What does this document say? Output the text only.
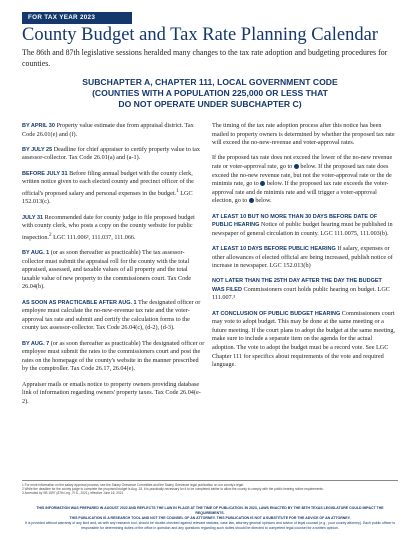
FOR TAX YEAR 2023
County Budget and Tax Rate Planning Calendar
The 86th and 87th legislative sessions heralded many changes to the tax rate adoption and budgeting procedures for counties.
SUBCHAPTER A, CHAPTER 111, LOCAL GOVERNMENT CODE
(COUNTIES WITH A POPULATION 225,000 OR LESS THAT
DO NOT OPERATE UNDER SUBCHAPTER C)

BY APRIL 30 Property value estimate due from appraisal district. Tax Code 26.01(e) and (f).

BY JULY 25 Deadline for chief appraiser to certify property value to tax assessor-collector. Tax Code 26.01(a) and (a-1).

BEFORE JULY 31 Before filing annual budget with the county clerk, written notice given to each elected county and precinct officer of the official's proposed salary and personal expenses in the budget.$^1$ LGC 152.013(c).

JULY 31 Recommended date for county judge to file proposed budget with county clerk, who posts a copy on the county website for public inspection.$^2$ LGC 111.006³, 111.037, 111.066.

BY AUG. 1 (or as soon thereafter as practicable) The tax assessor-collector must submit the appraisal roll for the county with the total appraised, assessed, and taxable values of all property and the total taxable value of new property to the commissioners court. Tax Code 26.04(b).

AS SOON AS PRACTICABLE AFTER AUG. 1 The designated officer or employee must calculate the no-new-revenue tax rate and the voter-approval tax rate and submit and certify the calculation forms to the county tax assessor-collector. Tax Code 26.04(c), (d-2), (d-3).

BY AUG. 7 (or as soon thereafter as practicable) The designated officer or employee must submit the rates to the commissioners court and post the rates on the homepage of the county's website in the manner prescribed by the comptroller. Tax Code 26.17, 26.04(e).

Appraiser mails or emails notice to property owners providing database link of information regarding owners' property taxes. Tax Code 26.04(e-2).

The timing of the tax rate adoption process after this notice has been mailed to property owners is determined by whether the proposed tax rate will exceed the no-new-revenue and voter-approval rates.

If the proposed tax rate does not exceed the lower of the no-new revenue rate or voter-approval rate, go to below. If the proposed tax rate does exceed the no-new revenue rate, but not the voter-approval rate or the de minimis rate, go to below. If the proposed tax rate exceeds the voter-approval rate and de minimis rate and will trigger a voter-approval election, go to below.

AT LEAST 10 BUT NO MORE THAN 30 DAYS BEFORE DATE OF PUBLIC HEARING Notice of public budget hearing must be published in newspaper of general circulation in county. LGC 111.0075, 111.003(b).

AT LEAST 10 DAYS BEFORE PUBLIC HEARING If salary, expenses or other allowances of elected official are being increased, publish notice of increase in newspaper. LGC 152.013(b)

NOT LATER THAN THE 25TH DAY AFTER THE DAY THE BUDGET WAS FILED Commissioners court holds public hearing on budget. LGC 111.007.³

AT CONCLUSION OF PUBLIC BUDGET HEARING Commissioners court may vote to adopt budget. This may be done at the same meeting or a future meeting. If the court plans to adopt the budget at the same meeting, make sure to include a separate item on the agenda for the actual adoption. The vote to adopt the budget must be a record vote. See LGC Chapter 111 for specifics about requirements of the vote and required language.

1 For more information on the salary approval process, see the Salary Grievance Committee and the Salary Grievance legal publication on our county's legal.
2 While the deadline for the county judge to complete the proposed budget is Aug. 15, it is practically necessary for it to be completed earlier to allow the county to comply with the public hearing notice requirements.
3 Amended by SB 1597 (87th Leg., R.S., 2021), effective June 16, 2021.
THIS INFORMATION WAS PREPARED IN AUGUST 2022 AND REFLECTS THE LAW IN PLACE AT THE TIME OF PUBLICATION. IN 2023, LAWS ENACTED BY THE 88TH TEXAS LEGISLATURE COULD IMPACT THE REQUIREMENTS.
THIS PUBLICATION IS A RESEARCH TOOL AND NOT THE COUNSEL OF AN ATTORNEY. THIS PUBLICATION IS NOT A SUBSTITUTE FOR THE ADVICE OF AN ATTORNEY.
It is provided without warranty of any kind and, as with any research tool, should be double-checked against relevant statutes, case law, attorney general opinions and advice of legal counsel (e.g., your county attorney). Each public officer is responsible for determining duties of the office in question and any questions regarding such duties should be directed to competent legal counsel for a written opinion.
